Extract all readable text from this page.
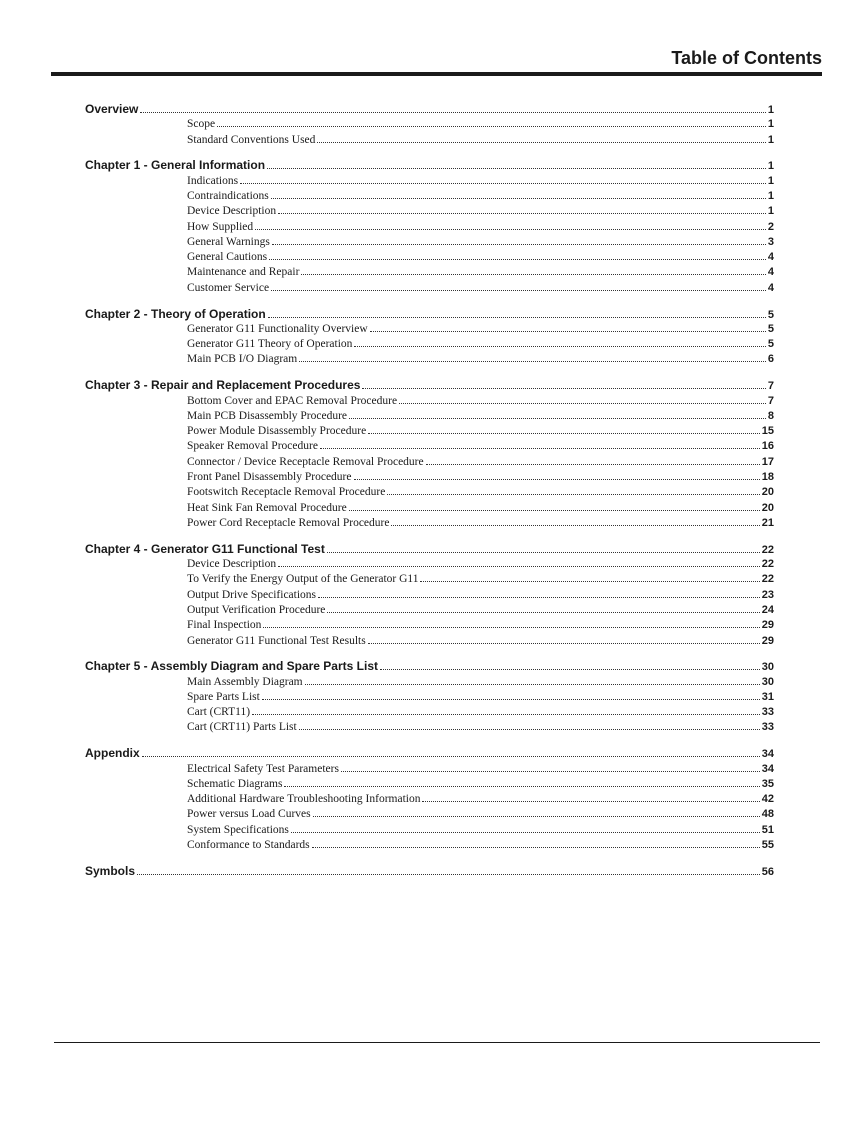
Table of Contents
Overview	1
Scope	1
Standard Conventions Used	1
Chapter 1 - General Information	1
Indications	1
Contraindications	1
Device Description	1
How Supplied	2
General Warnings	3
General Cautions	4
Maintenance and Repair	4
Customer Service	4
Chapter 2 - Theory of Operation	5
Generator G11 Functionality Overview	5
Generator G11 Theory of Operation	5
Main PCB I/O Diagram	6
Chapter 3 - Repair and Replacement Procedures	7
Bottom Cover and EPAC Removal Procedure	7
Main PCB Disassembly Procedure	8
Power Module Disassembly Procedure	15
Speaker Removal Procedure	16
Connector / Device Receptacle Removal Procedure	17
Front Panel Disassembly Procedure	18
Footswitch Receptacle Removal Procedure	20
Heat Sink Fan Removal Procedure	20
Power Cord Receptacle Removal Procedure	21
Chapter 4 - Generator G11 Functional Test	22
Device Description	22
To Verify the Energy Output of the Generator G11	22
Output Drive Specifications	23
Output Verification Procedure	24
Final Inspection	29
Generator G11 Functional Test Results	29
Chapter 5 - Assembly Diagram and Spare Parts List	30
Main Assembly Diagram	30
Spare Parts List	31
Cart (CRT11)	33
Cart (CRT11) Parts List	33
Appendix	34
Electrical Safety Test Parameters	34
Schematic Diagrams	35
Additional Hardware Troubleshooting Information	42
Power versus Load Curves	48
System Specifications	51
Conformance to Standards	55
Symbols	56
